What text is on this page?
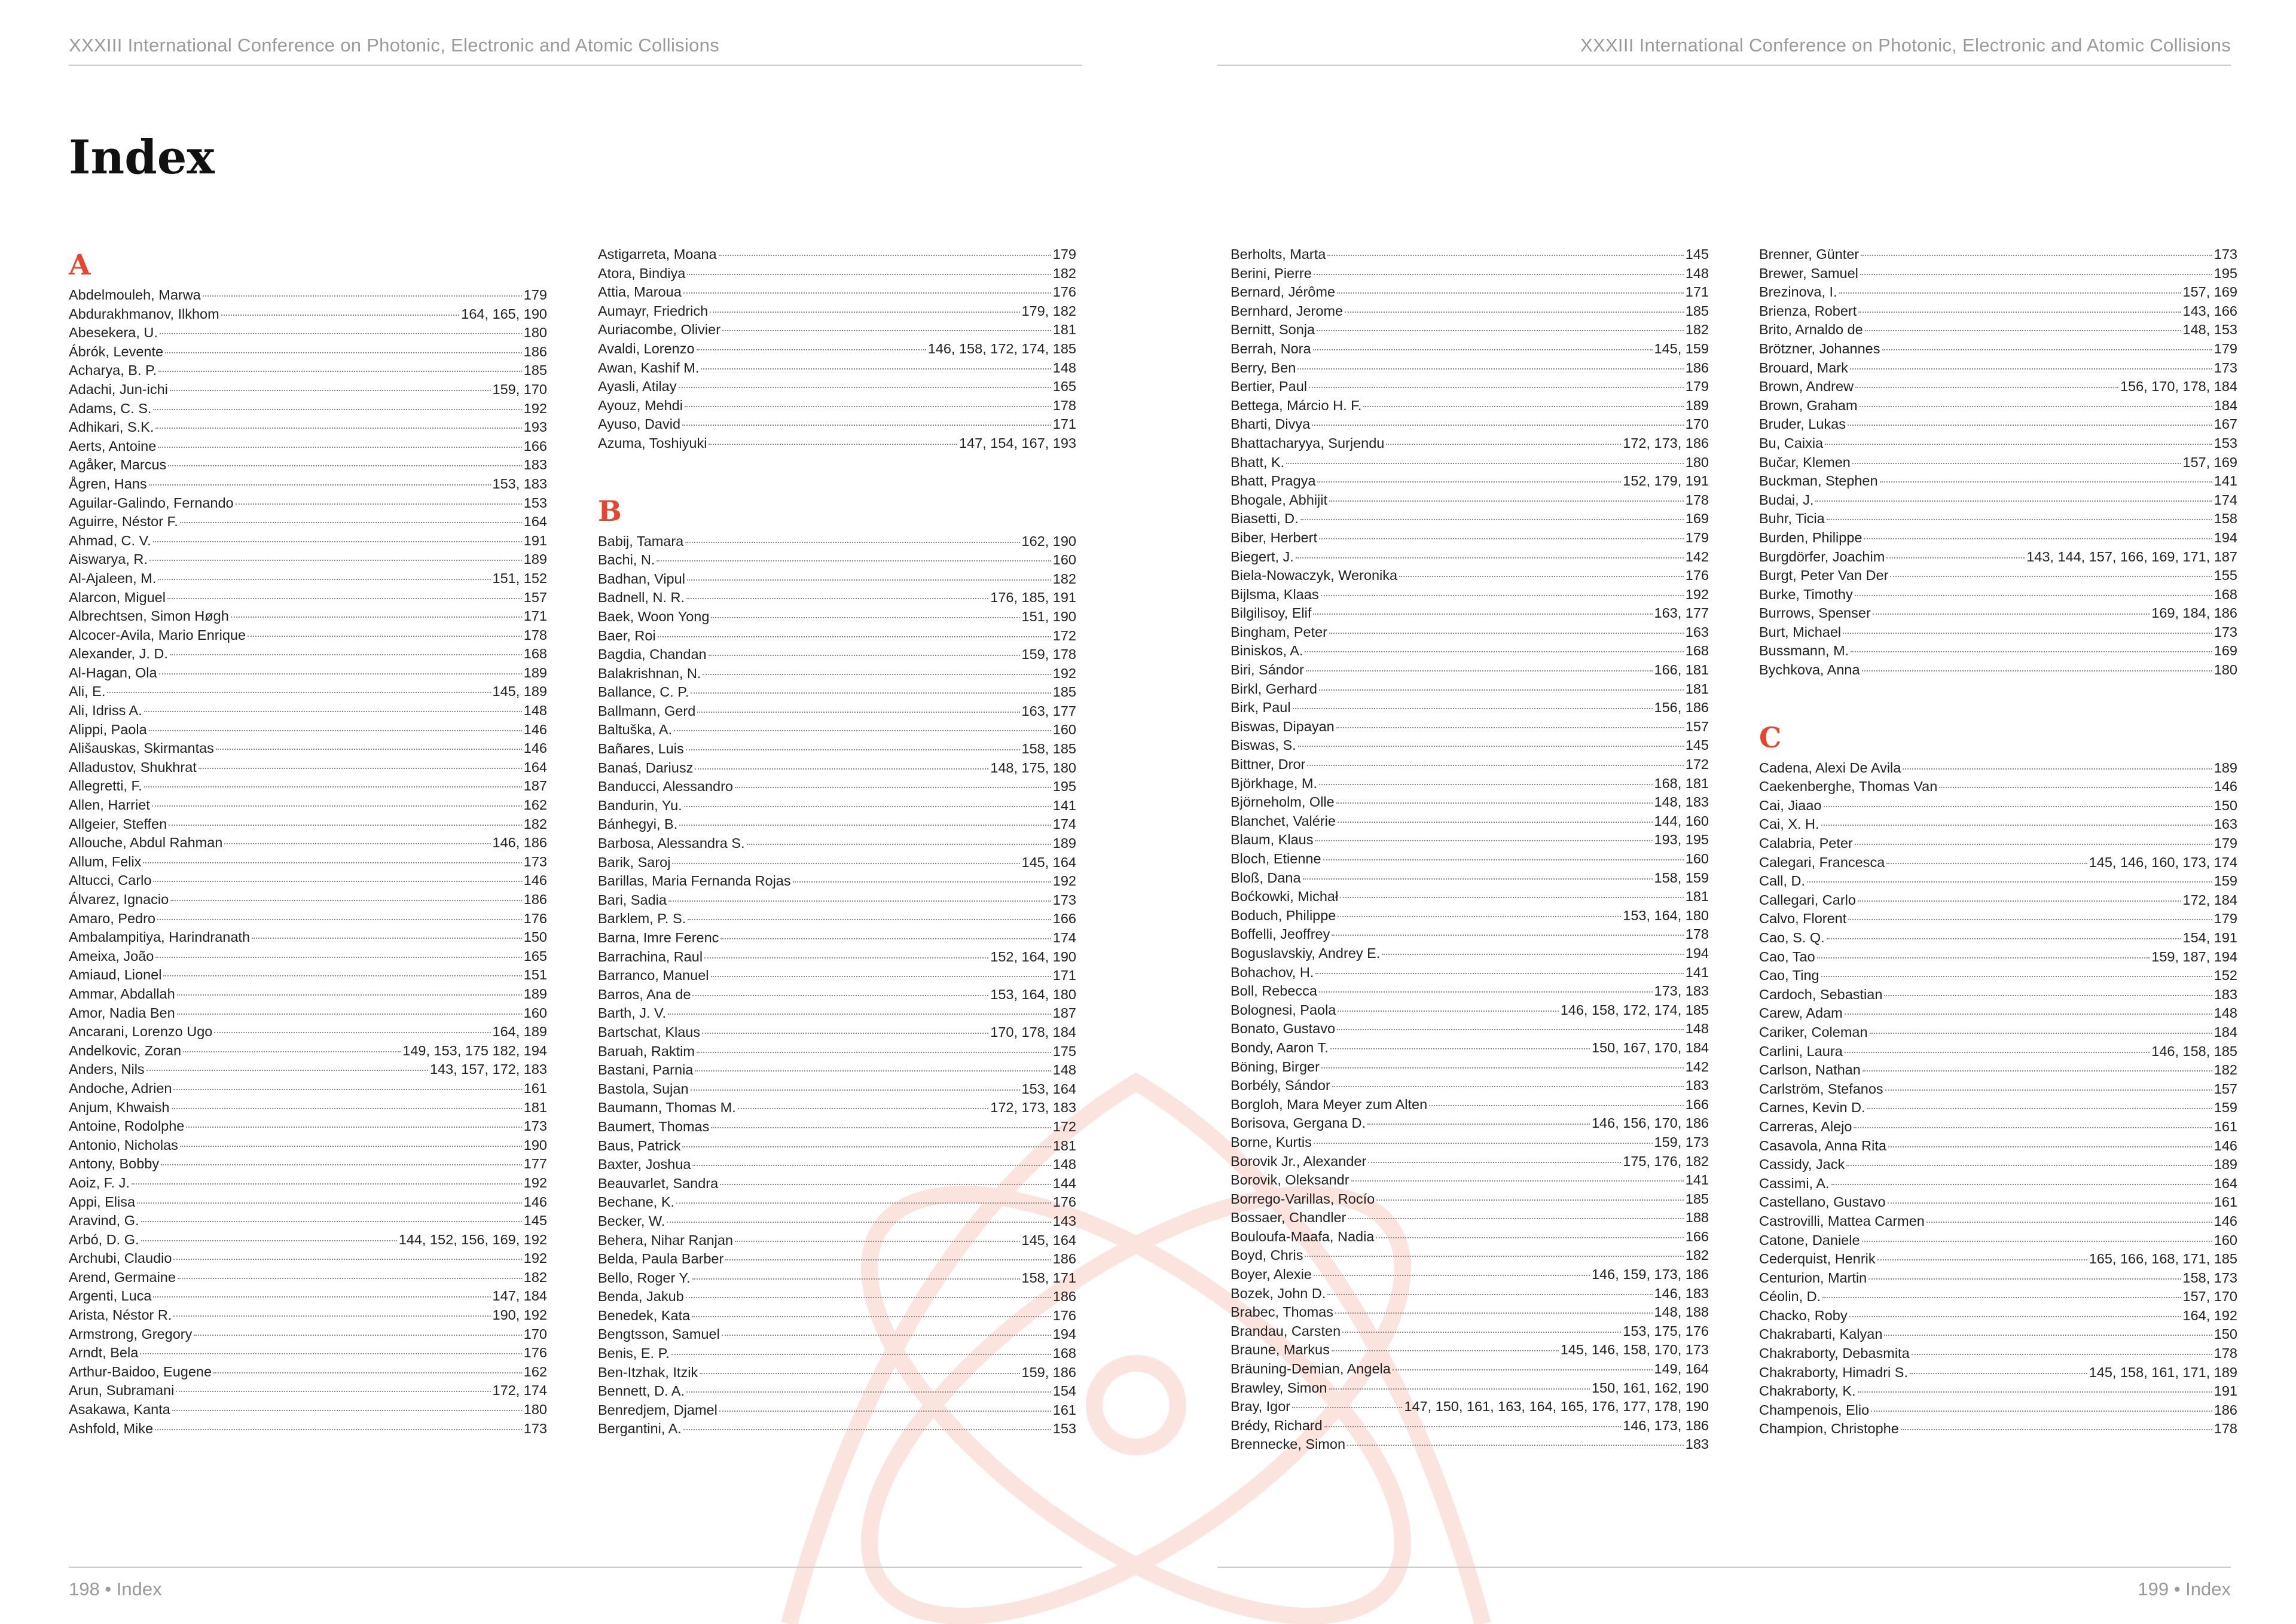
XXXIII International Conference on Photonic, Electronic and Atomic Collisions
Index
A
Abdelmouleh, Marwa	179
Abdurakhmanov, Ilkhom	164, 165, 190
Abesekera, U.	180
Ábrók, Levente	186
Acharya, B. P.	185
Adachi, Jun-ichi	159, 170
Adams, C. S.	192
Adhikari, S.K.	193
Aerts, Antoine	166
Agåker, Marcus	183
Ågren, Hans	153, 183
Aguilar-Galindo, Fernando	153
Aguirre, Néstor F.	164
Ahmad, C. V.	191
Aiswarya, R.	189
Al-Ajaleen, M.	151, 152
Alarcon, Miguel	157
Albrechtsen, Simon Høgh	171
Alcocer-Avila, Mario Enrique	178
Alexander, J. D.	168
Al-Hagan, Ola	189
Ali, E.	145, 189
Ali, Idriss A.	148
Alippi, Paola	146
Ališauskas, Skirmantas	146
Alladustov, Shukhrat	164
Allegretti, F.	187
Allen, Harriet	162
Allgeier, Steffen	182
Allouche, Abdul Rahman	146, 186
Allum, Felix	173
Altucci, Carlo	146
Álvarez, Ignacio	186
Amaro, Pedro	176
Ambalampitiya, Harindranath	150
Ameixa, João	165
Amiaud, Lionel	151
Ammar, Abdallah	189
Amor, Nadia Ben	160
Ancarani, Lorenzo Ugo	164, 189
Andelkovic, Zoran	149, 153, 175 182, 194
Anders, Nils	143, 157, 172, 183
Andoche, Adrien	161
Anjum, Khwaish	181
Antoine, Rodolphe	173
Antonio, Nicholas	190
Antony, Bobby	177
Aoiz, F. J.	192
Appi, Elisa	146
Aravind, G.	145
Arbó, D. G.	144, 152, 156, 169, 192
Archubi, Claudio	192
Arend, Germaine	182
Argenti, Luca	147, 184
Arista, Néstor R.	190, 192
Armstrong, Gregory	170
Arndt, Bela	176
Arthur-Baidoo, Eugene	162
Arun, Subramani	172, 174
Asakawa, Kanta	180
Ashfold, Mike	173
Astigarreta, Moana	179
Atora, Bindiya	182
Attia, Maroua	176
Aumayr, Friedrich	179, 182
Auriacombe, Olivier	181
Avaldi, Lorenzo	146, 158, 172, 174, 185
Awan, Kashif M.	148
Ayasli, Atilay	165
Ayouz, Mehdi	178
Ayuso, David	171
Azuma, Toshiyuki	147, 154, 167, 193
B
Babij, Tamara	162, 190
Bachi, N.	160
Badhan, Vipul	182
Badnell, N. R.	176, 185, 191
Baek, Woon Yong	151, 190
Baer, Roi	172
Bagdia, Chandan	159, 178
Balakrishnan, N.	192
Ballance, C. P.	185
Ballmann, Gerd	163, 177
Baltuška, A.	160
Bañares, Luis	158, 185
Banaś, Dariusz	148, 175, 180
Banducci, Alessandro	195
Bandurin, Yu.	141
Bánhegyi, B.	174
Barbosa, Alessandra S.	189
Barik, Saroj	145, 164
Barillas, Maria Fernanda Rojas	192
Bari, Sadia	173
Barklem, P. S.	166
Barna, Imre Ferenc	174
Barrachina, Raul	152, 164, 190
Barranco, Manuel	171
Barros, Ana de	153, 164, 180
Barth, J. V.	187
Bartschat, Klaus	170, 178, 184
Baruah, Raktim	175
Bastani, Parnia	148
Bastola, Sujan	153, 164
Baumann, Thomas M.	172, 173, 183
Baumert, Thomas	172
Baus, Patrick	181
Baxter, Joshua	148
Beauvarlet, Sandra	144
Bechane, K.	176
Becker, W.	143
Behera, Nihar Ranjan	145, 164
Belda, Paula Barber	186
Bello, Roger Y.	158, 171
Benda, Jakub	186
Benedek, Kata	176
Bengtsson, Samuel	194
Benis, E. P.	168
Ben-Itzhak, Itzik	159, 186
Bennett, D. A.	154
Benredjem, Djamel	161
Bergantini, A.	153
198 • Index
XXXIII International Conference on Photonic, Electronic and Atomic Collisions
Berholts, Marta	145
Berini, Pierre	148
Bernard, Jérôme	171
Bernhard, Jerome	185
Bernitt, Sonja	182
Berrah, Nora	145, 159
Berry, Ben	186
Bertier, Paul	179
Bettega, Márcio H. F.	189
Bharti, Divya	170
Bhattacharyya, Surjendu	172, 173, 186
Bhatt, K.	180
Bhatt, Pragya	152, 179, 191
Bhogale, Abhijit	178
Biasetti, D.	169
Biber, Herbert	179
Biegert, J.	142
Biela-Nowaczyk, Weronika	176
Bijlsma, Klaas	192
Bilgilisoy, Elif	163, 177
Bingham, Peter	163
Biniskos, A.	168
Biri, Sándor	166, 181
Birkl, Gerhard	181
Birk, Paul	156, 186
Biswas, Dipayan	157
Biswas, S.	145
Bittner, Dror	172
Björkhage, M.	168, 181
Björneholm, Olle	148, 183
Blanchet, Valérie	144, 160
Blaum, Klaus	193, 195
Bloch, Etienne	160
Bloß, Dana	158, 159
Boćkowki, Michał	181
Boduch, Philippe	153, 164, 180
Boffelli, Jeoffrey	178
Boguslavskiy, Andrey E.	194
Bohachov, H.	141
Boll, Rebecca	173, 183
Bolognesi, Paola	146, 158, 172, 174, 185
Bonato, Gustavo	148
Bondy, Aaron T.	150, 167, 170, 184
Böning, Birger	142
Borbély, Sándor	183
Borgloh, Mara Meyer zum Alten	166
Borisova, Gergana D.	146, 156, 170, 186
Borne, Kurtis	159, 173
Borovik Jr., Alexander	175, 176, 182
Borovik, Oleksandr	141
Borrego-Varillas, Rocío	185
Bossaer, Chandler	188
Bouloufa-Maafa, Nadia	166
Boyd, Chris	182
Boyer, Alexie	146, 159, 173, 186
Bozek, John D.	146, 183
Brabec, Thomas	148, 188
Brandau, Carsten	153, 175, 176
Braune, Markus	145, 146, 158, 170, 173
Bräuning-Demian, Angela	149, 164
Brawley, Simon	150, 161, 162, 190
Bray, Igor	147, 150, 161, 163, 164, 165, 176, 177, 178, 190
Brédy, Richard	146, 173, 186
Brennecke, Simon	183
Brenner, Günter	173
Brewer, Samuel	195
Brezinova, I.	157, 169
Brienza, Robert	143, 166
Brito, Arnaldo de	148, 153
Brötzner, Johannes	179
Brouard, Mark	173
Brown, Andrew	156, 170, 178, 184
Brown, Graham	184
Bruder, Lukas	167
Bu, Caixia	153
Bučar, Klemen	157, 169
Buckman, Stephen	141
Budai, J.	174
Buhr, Ticia	158
Burden, Philippe	194
Burgdörfer, Joachim	143, 144, 157, 166, 169, 171, 187
Burgt, Peter Van Der	155
Burke, Timothy	168
Burrows, Spenser	169, 184, 186
Burt, Michael	173
Bussmann, M.	169
Bychkova, Anna	180
C
Cadena, Alexi De Avila	189
Caekenberghe, Thomas Van	146
Cai, Jiaao	150
Cai, X. H.	163
Calabria, Peter	179
Calegari, Francesca	145, 146, 160, 173, 174
Call, D.	159
Callegari, Carlo	172, 184
Calvo, Florent	179
Cao, S. Q.	154, 191
Cao, Tao	159, 187, 194
Cao, Ting	152
Cardoch, Sebastian	183
Carew, Adam	148
Cariker, Coleman	184
Carlini, Laura	146, 158, 185
Carlson, Nathan	182
Carlström, Stefanos	157
Carnes, Kevin D.	159
Carreras, Alejo	161
Casavola, Anna Rita	146
Cassidy, Jack	189
Cassimi, A.	164
Castellano, Gustavo	161
Castrovilli, Mattea Carmen	146
Catone, Daniele	160
Cederquist, Henrik	165, 166, 168, 171, 185
Centurion, Martin	158, 173
Céolin, D.	157, 170
Chacko, Roby	164, 192
Chakrabarti, Kalyan	150
Chakraborty, Debasmita	178
Chakraborty, Himadri S.	145, 158, 161, 171, 189
Chakraborty, K.	191
Champenois, Elio	186
Champion, Christophe	178
199 • Index
